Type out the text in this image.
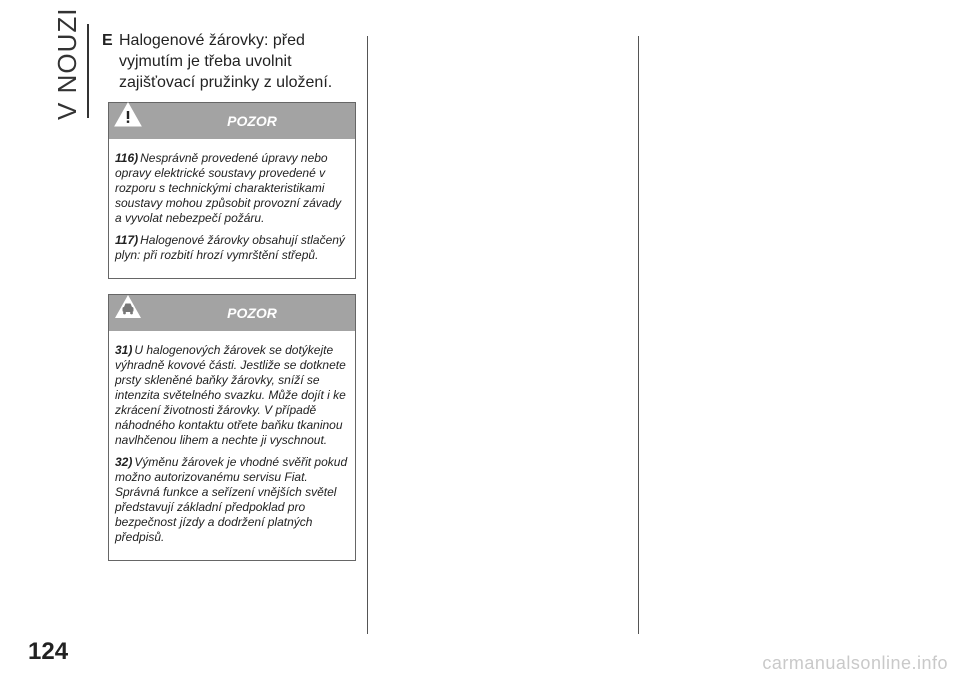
V NOUZI E Halogenové žárovky: před vyjmutím je třeba uvolnit zajišťovací pružinky z uložení.
POZOR

116) Nesprávně provedené úpravy nebo opravy elektrické soustavy provedené v rozporu s technickými charakteristikami soustavy mohou způsobit provozní závady a vyvolat nebezpečí požáru.

117) Halogenové žárovky obsahují stlačený plyn: při rozbití hrozí vymrštění střepů.

POZOR

31) U halogenových žárovek se dotýkejte výhradně kovové části. Jestliže se dotknete prsty skleněné baňky žárovky, sníží se intenzita světelného svazku. Může dojít i ke zkrácení životnosti žárovky. V případě náhodného kontaktu otřete baňku tkaninou navlhčenou lihem a nechte ji vyschnout.

32) Výměnu žárovek je vhodné svěřit pokud možno autorizovanému servisu Fiat. Správná funkce a seřízení vnějších světel představují základní předpoklad pro bezpečnost jízdy a dodržení platných předpisů.

124	carmanualsonline.info
